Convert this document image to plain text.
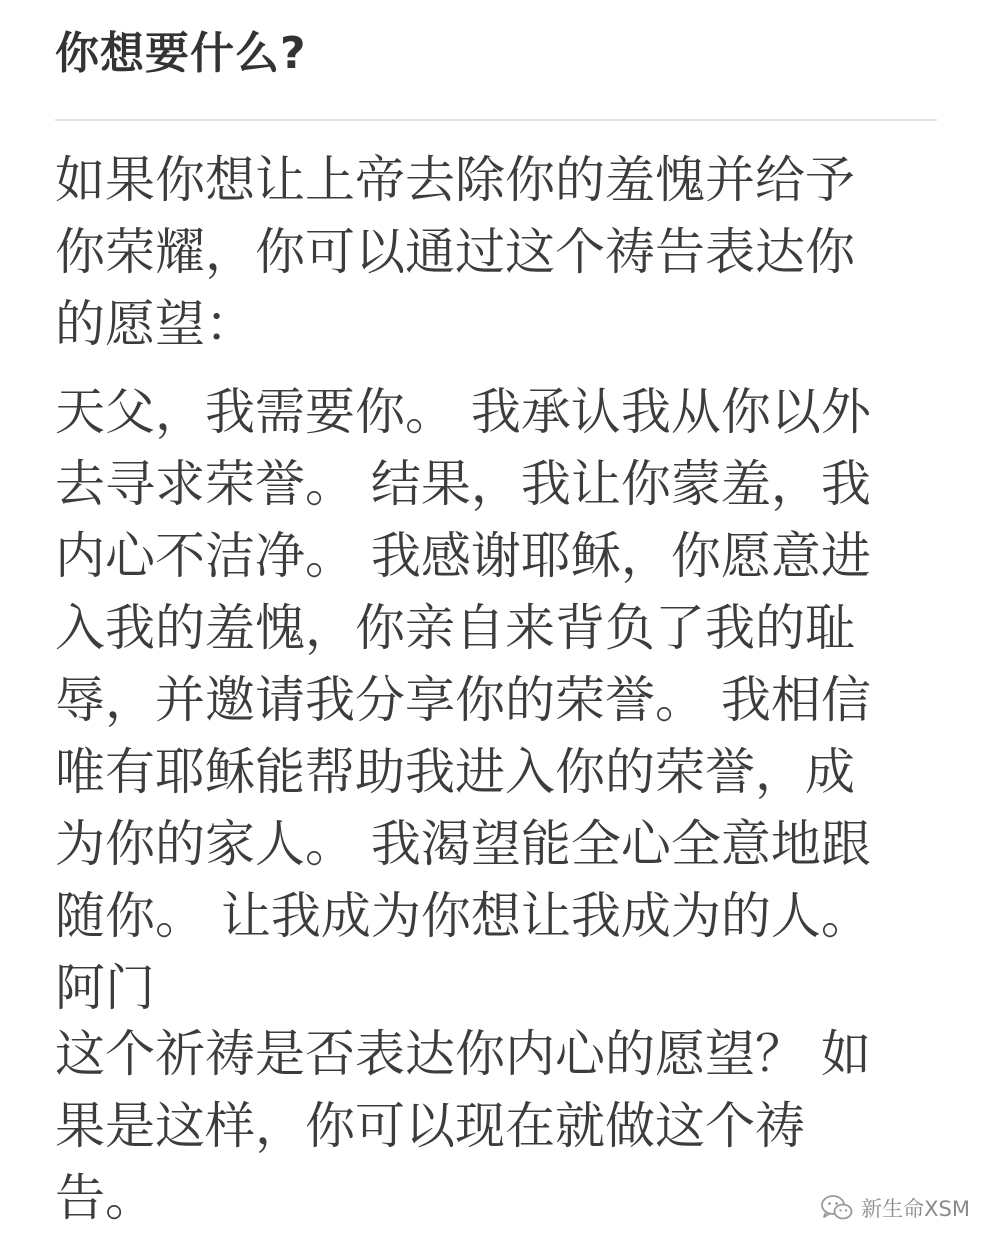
你想要什么?
如果你想让上帝去除你的羞愧并给予
你荣耀，你可以通过这个祷告表达你
的愿望：
天父，我需要你。 我承认我从你以外
去寻求荣誉。 结果，我让你蒙羞，我
内心不洁净。 我感谢耶稣，你愿意进
入我的羞愧，你亲自来背负了我的耻
辱，并邀请我分享你的荣誉。 我相信
唯有耶稣能帮助我进入你的荣誉，成
为你的家人。 我渴望能全心全意地跟
随你。 让我成为你想让我成为的人。
阿门
这个祈祷是否表达你内心的愿望？ 如
果是这样，你可以现在就做这个祷
告。	新生命XSM
